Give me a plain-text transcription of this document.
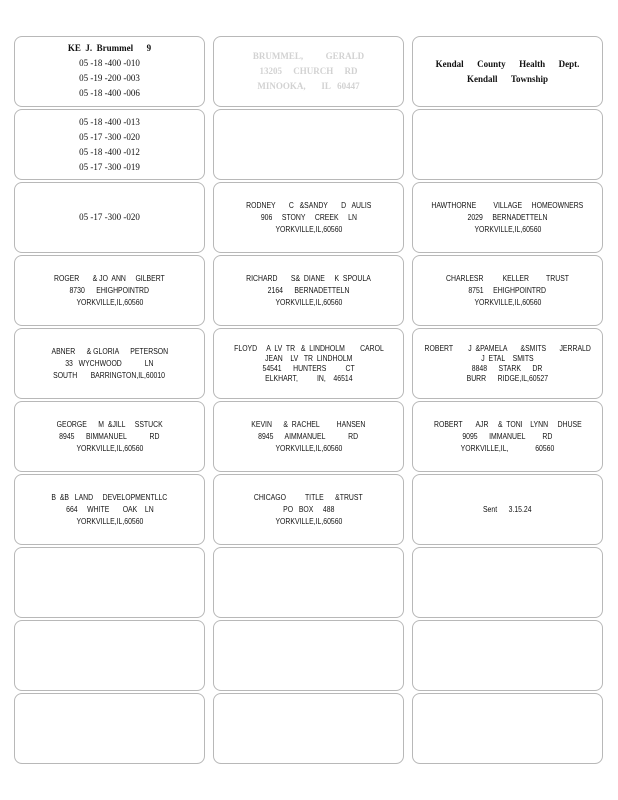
KE  J.  Brummel      9
05 -18 -400 -010
05 -19 -200 -003
05 -18 -400 -006
BRUMMEL,          GERALD
13205     CHURCH     RD
MINOOKA,       IL   60447
Kendal      County      Health      Dept.
Kendall      Township
05 -18 -400 -013
05 -17 -300 -020
05 -18 -400 -012
05 -17 -300 -019
05 -17 -300 -020
RODNEY       C   &SANDY       D   AULIS
906     STONY     CREEK     LN
YORKVILLE,IL,60560
HAWTHORNE         VILLAGE     HOMEOWNERS
2029     BERNADETTELN
YORKVILLE,IL,60560
ROGER       & JO  ANN     GILBERT
8730      EHIGHPOINTRD
YORKVILLE,IL,60560
RICHARD       S&  DIANE     K  SPOULA
2164      BERNADETTELN
YORKVILLE,IL,60560
CHARLESR          KELLER         TRUST
8751     EHIGHPOINTRD
YORKVILLE,IL,60560
ABNER      & GLORIA      PETERSON
33   WYCHWOOD            LN
SOUTH       BARRINGTON,IL,60010
FLOYD     A  LV  TR   &  LINDHOLM        CAROL
JEAN    LV   TR  LINDHOLM
54541      HUNTERS          CT
ELKHART,          IN,    46514
ROBERT        J  &PAMELA       &SMITS       JERRALD
J  ETAL    SMITS
8848      STARK      DR
BURR      RIDGE,IL,60527
GEORGE      M  &JILL     SSTUCK
8945      BIMMANUEL            RD
YORKVILLE,IL,60560
KEVIN      &  RACHEL         HANSEN
8945      AIMMANUEL            RD
YORKVILLE,IL,60560
ROBERT       AJR     &  TONI    LYNN     DHUSE
9095      IMMANUEL         RD
YORKVILLE,IL,              60560
B  &B   LAND     DEVELOPMENTLLC
664     WHITE       OAK    LN
YORKVILLE,IL,60560
CHICAGO          TITLE      &TRUST
PO   BOX     488
YORKVILLE,IL,60560
Sent      3.15.24
